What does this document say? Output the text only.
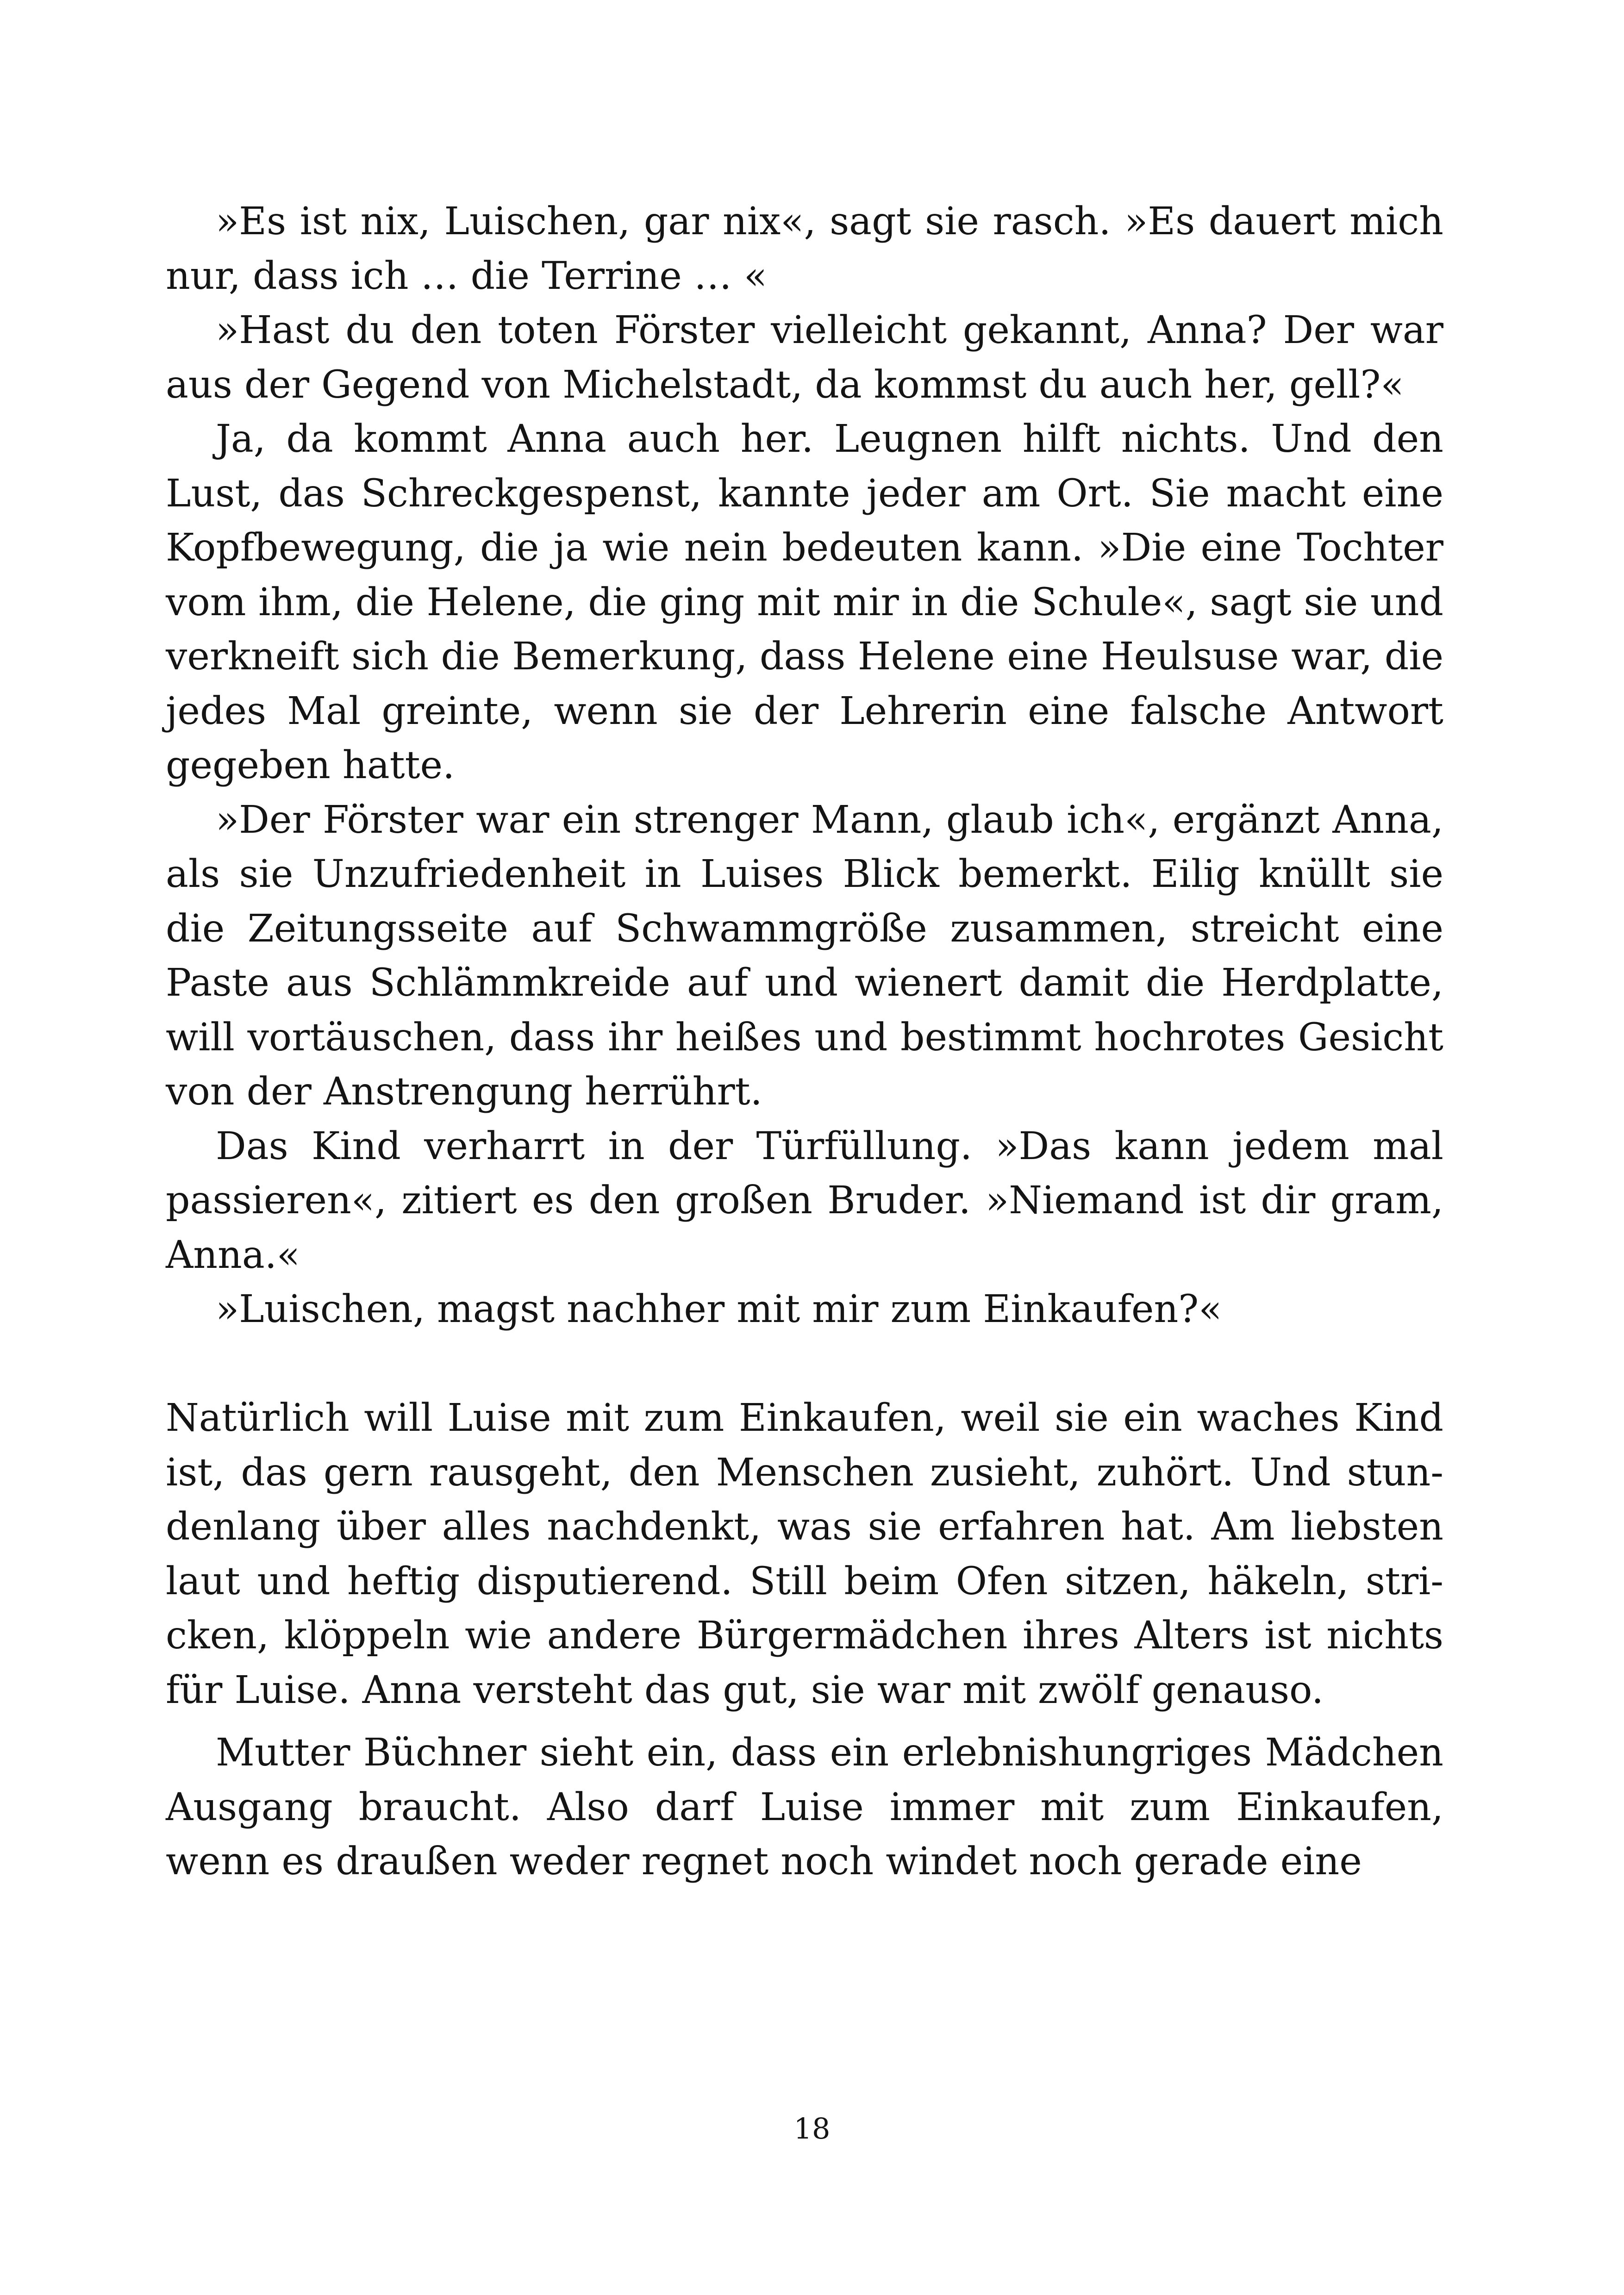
»Es ist nix, Luischen, gar nix«, sagt sie rasch. »Es dauert mich nur, dass ich … die Terrine … «

»Hast du den toten Förster vielleicht gekannt, Anna? Der war aus der Gegend von Michelstadt, da kommst du auch her, gell?«

Ja, da kommt Anna auch her. Leugnen hilft nichts. Und den Lust, das Schreckgespenst, kannte jeder am Ort. Sie macht eine Kopfbewegung, die ja wie nein bedeuten kann. »Die eine Tochter vom ihm, die Helene, die ging mit mir in die Schule«, sagt sie und verkneift sich die Bemerkung, dass Helene eine Heulsuse war, die jedes Mal greinte, wenn sie der Lehrerin eine falsche Antwort gegeben hatte.

»Der Förster war ein strenger Mann, glaub ich«, ergänzt Anna, als sie Unzufriedenheit in Luises Blick bemerkt. Eilig knüllt sie die Zeitungsseite auf Schwammgröße zusammen, streicht eine Paste aus Schlämmkreide auf und wienert damit die Herdplatte, will vortäuschen, dass ihr heißes und bestimmt hochrotes Gesicht von der Anstrengung herrührt.

Das Kind verharrt in der Türfüllung. »Das kann jedem mal passieren«, zitiert es den großen Bruder. »Niemand ist dir gram, Anna.«

»Luischen, magst nachher mit mir zum Einkaufen?«

Natürlich will Luise mit zum Einkaufen, weil sie ein waches Kind ist, das gern rausgeht, den Menschen zusieht, zuhört. Und stundenlang über alles nachdenkt, was sie erfahren hat. Am liebsten laut und heftig disputierend. Still beim Ofen sitzen, häkeln, stricken, klöppeln wie andere Bürgermädchen ihres Alters ist nichts für Luise. Anna versteht das gut, sie war mit zwölf genauso.

Mutter Büchner sieht ein, dass ein erlebnishungriges Mädchen Ausgang braucht. Also darf Luise immer mit zum Einkaufen, wenn es draußen weder regnet noch windet noch gerade eine

18
